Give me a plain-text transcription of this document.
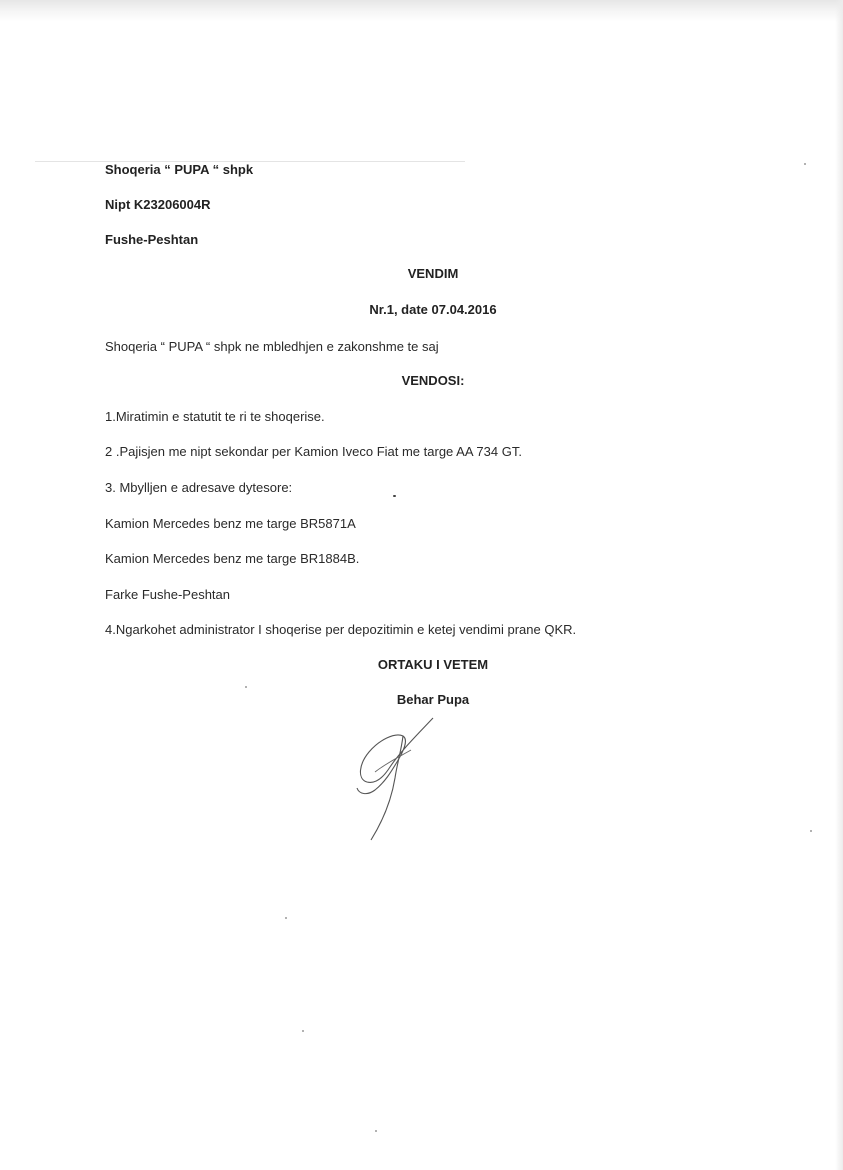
Shoqeria “ PUPA “ shpk

Nipt K23206004R

Fushe-Peshtan

VENDIM

Nr.1, date 07.04.2016

Shoqeria “ PUPA “ shpk ne mbledhjen e zakonshme te saj

VENDOSI:

1.Miratimin e statutit te ri te shoqerise.

2 .Pajisjen me nipt sekondar per Kamion Iveco Fiat me targe AA 734 GT.

3. Mbylljen e adresave dytesore:

Kamion Mercedes benz me targe BR5871A

Kamion Mercedes benz me targe BR1884B.

Farke Fushe-Peshtan

4.Ngarkohet administrator I shoqerise per depozitimin e ketej vendimi prane QKR.

ORTAKU I VETEM

Behar Pupa
